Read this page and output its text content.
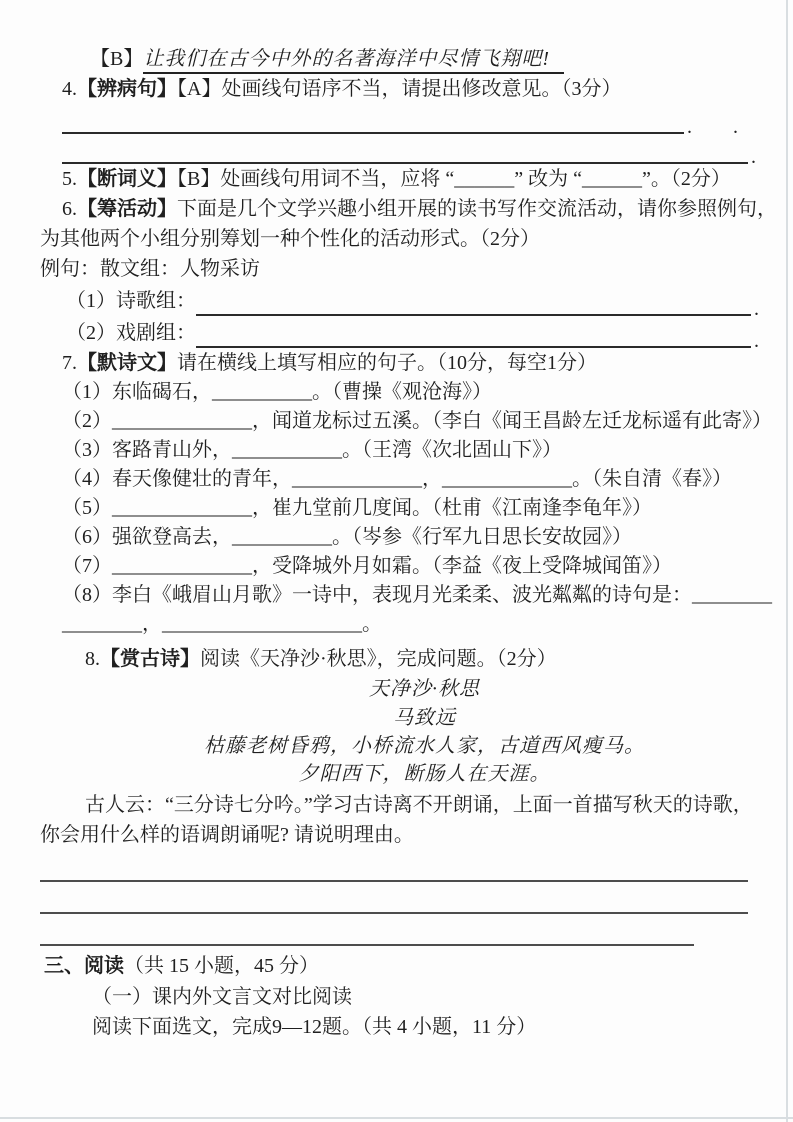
【B】让我们在古今中外的名著海洋中尽情飞翔吧!
4.【辨病句】【A】处画线句语序不当，请提出修改意见。（3分）
. .
.
5.【断词义】【B】处画线句用词不当，应将 “______” 改为 “______”。（2分）
6.【筹活动】下面是几个文学兴趣小组开展的读书写作交流活动，请你参照例句，
为其他两个小组分别筹划一种个性化的活动形式。（2分）
例句：散文组：人物采访
（1）诗歌组：	.
（2）戏剧组：	.
7.【默诗文】请在横线上填写相应的句子。（10分，每空1分）
（1）东临碣石，__________。（曹操《观沧海》）
（2）______________，闻道龙标过五溪。（李白《闻王昌龄左迁龙标遥有此寄》）
（3）客路青山外，___________。（王湾《次北固山下》）
（4）春天像健壮的青年，_____________，_____________。（朱自清《春》）
（5）______________，崔九堂前几度闻。（杜甫《江南逢李龟年》）
（6）强欲登高去，__________。（岑参《行军九日思长安故园》）
（7）______________，受降城外月如霜。（李益《夜上受降城闻笛》）
（8）李白《峨眉山月歌》一诗中，表现月光柔柔、波光粼粼的诗句是：________
________，____________________。
8.【赏古诗】阅读《天净沙·秋思》，完成问题。（2分）
天净沙·秋思
马致远
枯藤老树昏鸦，小桥流水人家，古道西风瘦马。
夕阳西下，断肠人在天涯。
古人云：“三分诗七分吟。”学习古诗离不开朗诵，上面一首描写秋天的诗歌，
你会用什么样的语调朗诵呢? 请说明理由。
三、阅读（共 15 小题，45 分）
（一）课内外文言文对比阅读
阅读下面选文，完成9—12题。（共 4 小题，11 分）
